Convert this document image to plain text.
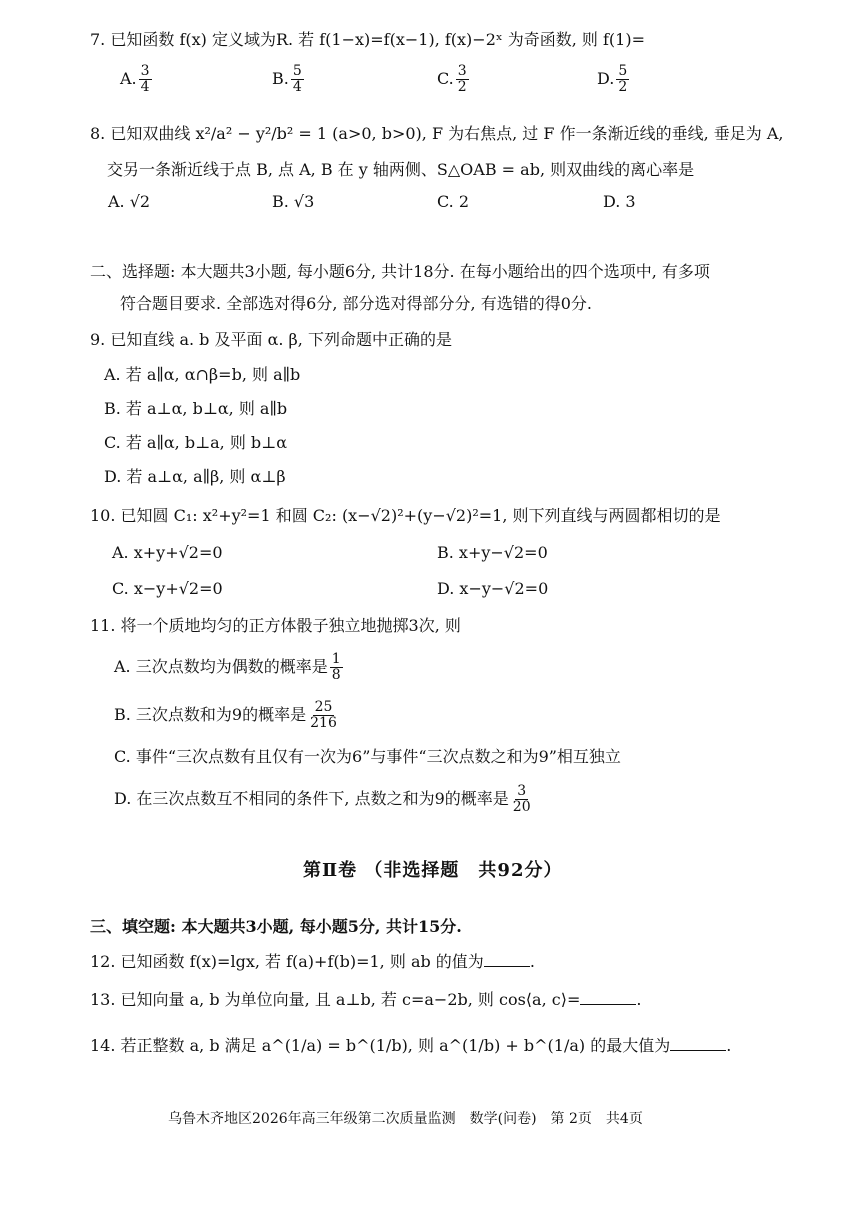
7. 已知函数 f(x) 定义域为R. 若 f(1−x)=f(x−1), f(x)−2ˣ 为奇函数, 则 f(1)=
A. $\frac{3}{4}$	B. $\frac{5}{4}$	C. $\frac{3}{2}$	D. $\frac{5}{2}$
8. 已知双曲线 x²/a² − y²/b² = 1 (a>0, b>0), F 为右焦点, 过 F 作一条渐近线的垂线, 垂足为 A,
交另一条渐近线于点 B, 点 A, B 在 y 轴两侧、S△OAB = ab, 则双曲线的离心率是
A. √2	B. √3	C. 2	D. 3
二、选择题: 本大题共3小题, 每小题6分, 共计18分. 在每小题给出的四个选项中, 有多项
符合题目要求. 全部选对得6分, 部分选对得部分分, 有选错的得0分.
9. 已知直线 a. b 及平面 α. β, 下列命题中正确的是
A. 若 a∥α, α∩β=b, 则 a∥b
B. 若 a⊥α, b⊥α, 则 a∥b
C. 若 a∥α, b⊥a, 则 b⊥α
D. 若 a⊥α, a∥β, 则 α⊥β
10. 已知圆 C₁: x²+y²=1 和圆 C₂: (x−√2)²+(y−√2)²=1, 则下列直线与两圆都相切的是
A. x+y+√2=0	B. x+y−√2=0
C. x−y+√2=0	D. x−y−√2=0
11. 将一个质地均匀的正方体骰子独立地抛掷3次, 则
A. 三次点数均为偶数的概率是 $\frac{1}{8}$
B. 三次点数和为9的概率是 $\frac{25}{216}$
C. 事件“三次点数有且仅有一次为6”与事件“三次点数之和为9”相互独立
D. 在三次点数互不相同的条件下, 点数之和为9的概率是 $\frac{3}{20}$
第Ⅱ卷 （非选择题　共92分）
三、填空题: 本大题共3小题, 每小题5分, 共计15分.
12. 已知函数 f(x)=lgx, 若 f(a)+f(b)=1, 则 ab 的值为	.
13. 已知向量 a, b 为单位向量, 且 a⊥b, 若 c=a−2b, 则 cos⟨a, c⟩=	.
14. 若正整数 a, b 满足 a^(1/a) = b^(1/b), 则 a^(1/b) + b^(1/a) 的最大值为	.
乌鲁木齐地区2026年高三年级第二次质量监测　数学(问卷)　第 2页　共4页
